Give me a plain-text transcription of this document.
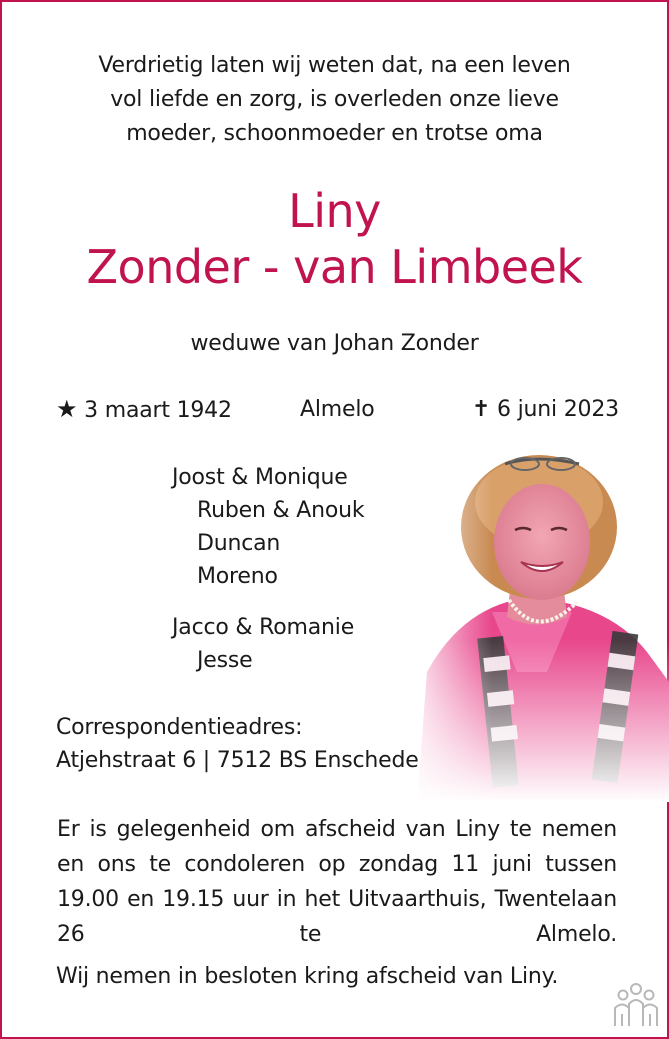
Verdrietig laten wij weten dat, na een leven
vol liefde en zorg, is overleden onze lieve
moeder, schoonmoeder en trotse oma
Liny
Zonder - van Limbeek
weduwe van Johan Zonder
★ 3 maart 1942	Almelo	✝ 6 juni 2023
Joost & Monique
Ruben & Anouk
Duncan
Moreno
Jacco & Romanie
Jesse
Correspondentieadres:
Atjehstraat 6 | 7512 BS Enschede
Er is gelegenheid om afscheid van Liny te nemen en ons te condoleren op zondag 11 juni tussen 19.00 en 19.15 uur in het Uitvaarthuis, Twentelaan 26 te Almelo.
Wij nemen in besloten kring afscheid van Liny.
